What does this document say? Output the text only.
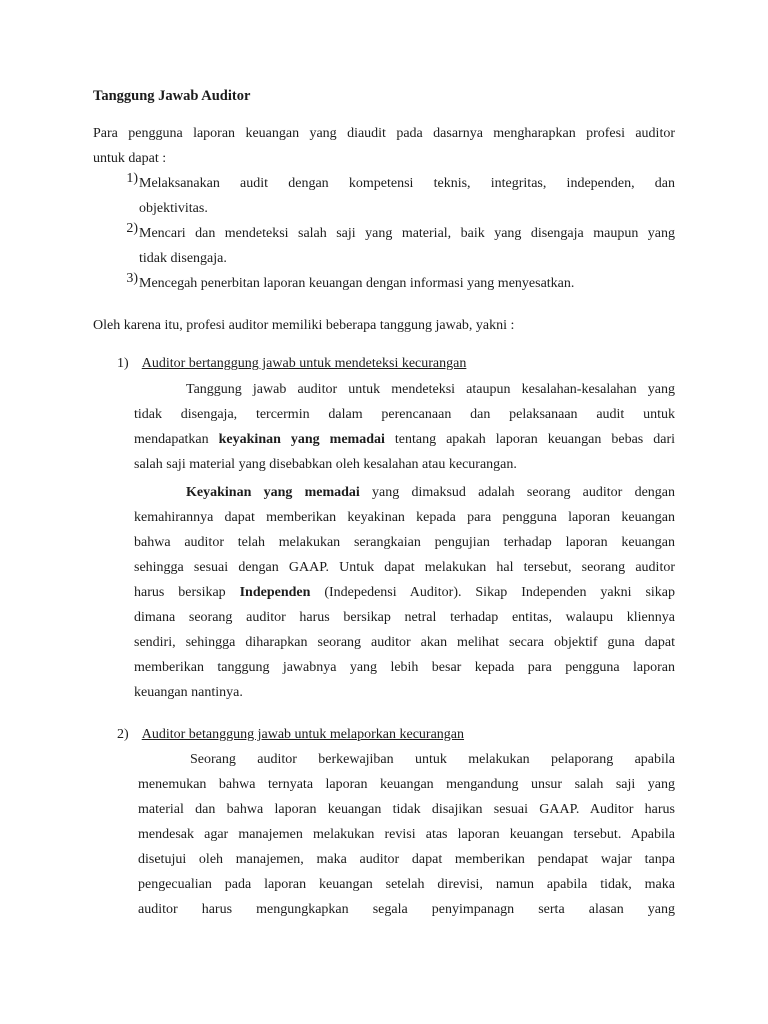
Tanggung Jawab Auditor

Para pengguna laporan keuangan yang diaudit pada dasarnya mengharapkan profesi auditor

untuk dapat :

1) Melaksanakan audit dengan kompetensi teknis, integritas, independen, dan

objektivitas.

2) Mencari dan mendeteksi salah saji yang material, baik yang disengaja maupun yang

tidak disengaja.

3) Mencegah penerbitan laporan keuangan dengan informasi yang menyesatkan.

Oleh karena itu, profesi auditor memiliki beberapa tanggung jawab, yakni :
1) Auditor bertanggung jawab untuk mendeteksi kecurangan

Tanggung jawab auditor untuk mendeteksi ataupun kesalahan-kesalahan yang

tidak disengaja, tercermin dalam perencanaan dan pelaksanaan audit untuk

mendapatkan keyakinan yang memadai tentang apakah laporan keuangan bebas dari

salah saji material yang disebabkan oleh kesalahan atau kecurangan.

Keyakinan yang memadai yang dimaksud adalah seorang auditor dengan

kemahirannya dapat memberikan keyakinan kepada para pengguna laporan keuangan

bahwa auditor telah melakukan serangkaian pengujian terhadap laporan keuangan

sehingga sesuai dengan GAAP. Untuk dapat melakukan hal tersebut, seorang auditor

harus bersikap Independen (Indepedensi Auditor). Sikap Independen yakni sikap

dimana seorang auditor harus bersikap netral terhadap entitas, walaupu kliennya

sendiri, sehingga diharapkan seorang auditor akan melihat secara objektif guna dapat

memberikan tanggung jawabnya yang lebih besar kepada para pengguna laporan

keuangan nantinya.

2) Auditor betanggung jawab untuk melaporkan kecurangan

Seorang auditor berkewajiban untuk melakukan pelaporang apabila

menemukan bahwa ternyata laporan keuangan mengandung unsur salah saji yang

material dan bahwa laporan keuangan tidak disajikan sesuai GAAP. Auditor harus

mendesak agar manajemen melakukan revisi atas laporan keuangan tersebut. Apabila

disetujui oleh manajemen, maka auditor dapat memberikan pendapat wajar tanpa

pengecualian pada laporan keuangan setelah direvisi, namun apabila tidak, maka

auditor harus mengungkapkan segala penyimpanagn serta alasan yang
